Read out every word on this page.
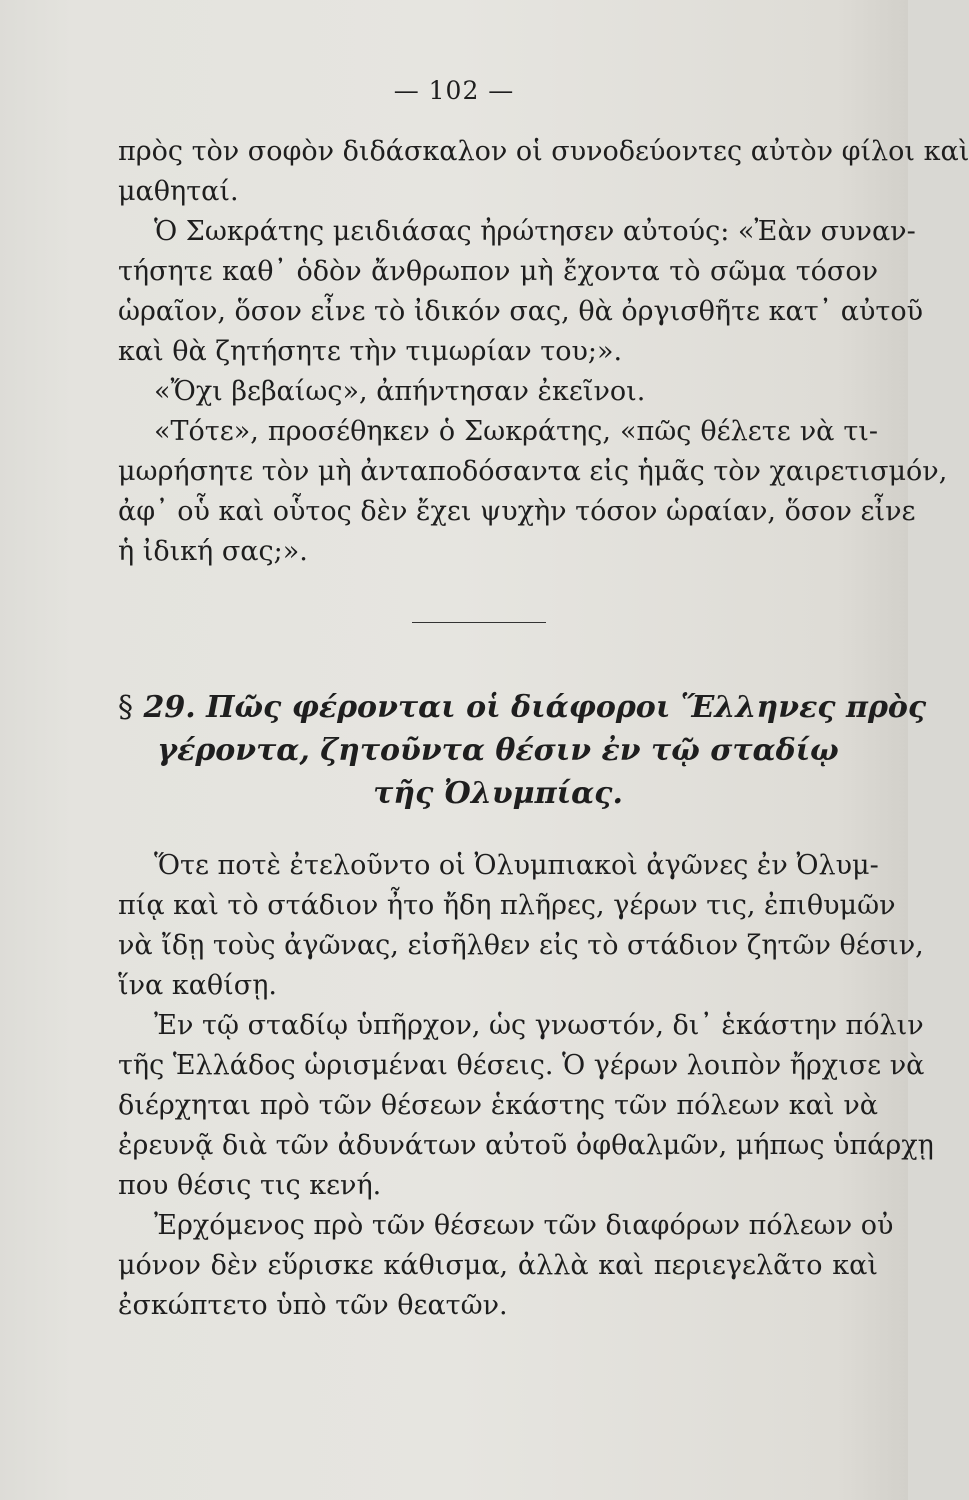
— 102 —
πρὸς τὸν σοφὸν διδάσκαλον οἱ συνοδεύοντες αὐτὸν φίλοι καὶ
μαθηταί.
Ὁ Σωκράτης μειδιάσας ἠρώτησεν αὐτούς: «Ἐὰν συναν-
τήσητε καθ᾽ ὁδὸν ἄνθρωπον μὴ ἔχοντα τὸ σῶμα τόσον
ὡραῖον, ὅσον εἶνε τὸ ἰδικόν σας, θὰ ὀργισθῆτε κατ᾽ αὐτοῦ
καὶ θὰ ζητήσητε τὴν τιμωρίαν του;».
«Ὄχι βεβαίως», ἀπήντησαν ἐκεῖνοι.
«Τότε», προσέθηκεν ὁ Σωκράτης, «πῶς θέλετε νὰ τι-
μωρήσητε τὸν μὴ ἀνταποδόσαντα εἰς ἡμᾶς τὸν χαιρετισμόν,
ἀφ᾽ οὗ καὶ οὗτος δὲν ἔχει ψυχὴν τόσον ὡραίαν, ὅσον εἶνε
ἡ ἰδική σας;».
§ 29. Πῶς φέρονται οἱ διάφοροι Ἕλληνες πρὸς
γέροντα, ζητοῦντα θέσιν ἐν τῷ σταδίῳ
τῆς Ὀλυμπίας.
Ὅτε ποτὲ ἐτελοῦντο οἱ Ὀλυμπιακοὶ ἀγῶνες ἐν Ὀλυμ-
πίᾳ καὶ τὸ στάδιον ἦτο ἤδη πλῆρες, γέρων τις, ἐπιθυμῶν
νὰ ἴδῃ τοὺς ἀγῶνας, εἰσῆλθεν εἰς τὸ στάδιον ζητῶν θέσιν,
ἵνα καθίσῃ.
Ἐν τῷ σταδίῳ ὑπῆρχον, ὡς γνωστόν, δι᾽ ἑκάστην πόλιν
τῆς Ἑλλάδος ὡρισμέναι θέσεις. Ὁ γέρων λοιπὸν ἤρχισε νὰ
διέρχηται πρὸ τῶν θέσεων ἑκάστης τῶν πόλεων καὶ νὰ
ἐρευνᾷ διὰ τῶν ἀδυνάτων αὐτοῦ ὀφθαλμῶν, μήπως ὑπάρχῃ
που θέσις τις κενή.
Ἐρχόμενος πρὸ τῶν θέσεων τῶν διαφόρων πόλεων οὐ
μόνον δὲν εὕρισκε κάθισμα, ἀλλὰ καὶ περιεγελᾶτο καὶ
ἐσκώπτετο ὑπὸ τῶν θεατῶν.
